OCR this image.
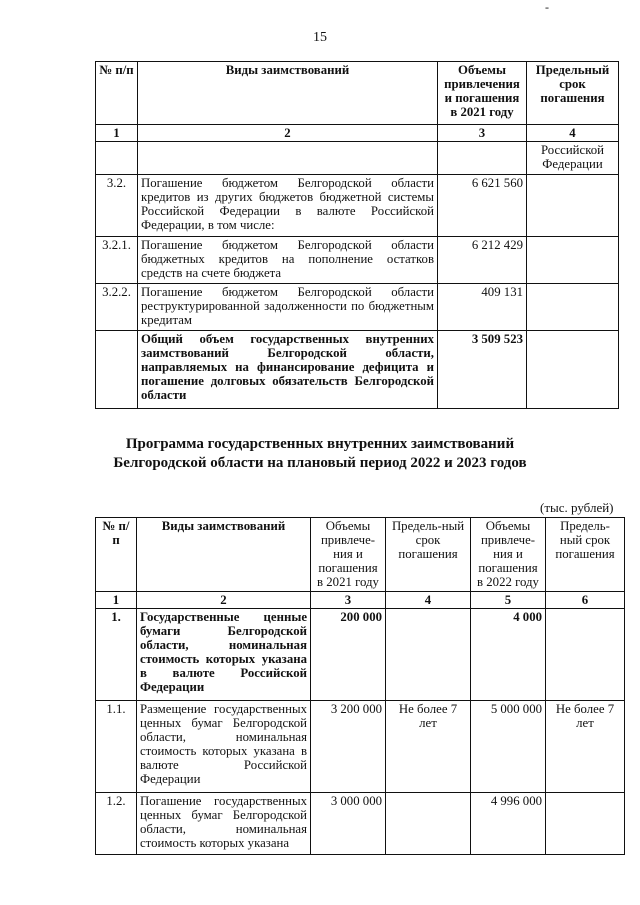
-
15
№ п/п	Виды заимствований	Объемы привлечения и погашения в 2021 году	Предельный срок погашения
1	2	3	4
			Российской Федерации
3.2.	Погашение бюджетом Белгородской области кредитов из других бюджетов бюджетной системы Российской Федерации в валюте Российской Федерации, в том числе:	6 621 560	
3.2.1.	Погашение бюджетом Белгородской области бюджетных кредитов на пополнение остатков средств на счете бюджета	6 212 429	
3.2.2.	Погашение бюджетом Белгородской области реструктурированной задолженности по бюджетным кредитам	409 131	
	Общий объем государственных внутренних заимствований Белгородской области, направляемых на финансирование дефицита и погашение долговых обязательств Белгородской области	3 509 523	
Программа государственных внутренних заимствований
Белгородской области на плановый период 2022 и 2023 годов
(тыс. рублей)
№ п/п	Виды заимствований	Объемы привлече-ния и погашения в 2021 году	Предель-ный срок погашения	Объемы привлече-ния и погашения в 2022 году	Предель-ный срок погашения
1	2	3	4	5	6
1.	Государственные ценные бумаги Белгородской области, номинальная стоимость которых указана в валюте Российской Федерации	200 000		4 000	
1.1.	Размещение государственных ценных бумаг Белгородской области, номинальная стоимость которых указана в валюте Российской Федерации	3 200 000	Не более 7 лет	5 000 000	Не более 7 лет
1.2.	Погашение государственных ценных бумаг Белгородской области, номинальная стоимость которых указана	3 000 000		4 996 000	
